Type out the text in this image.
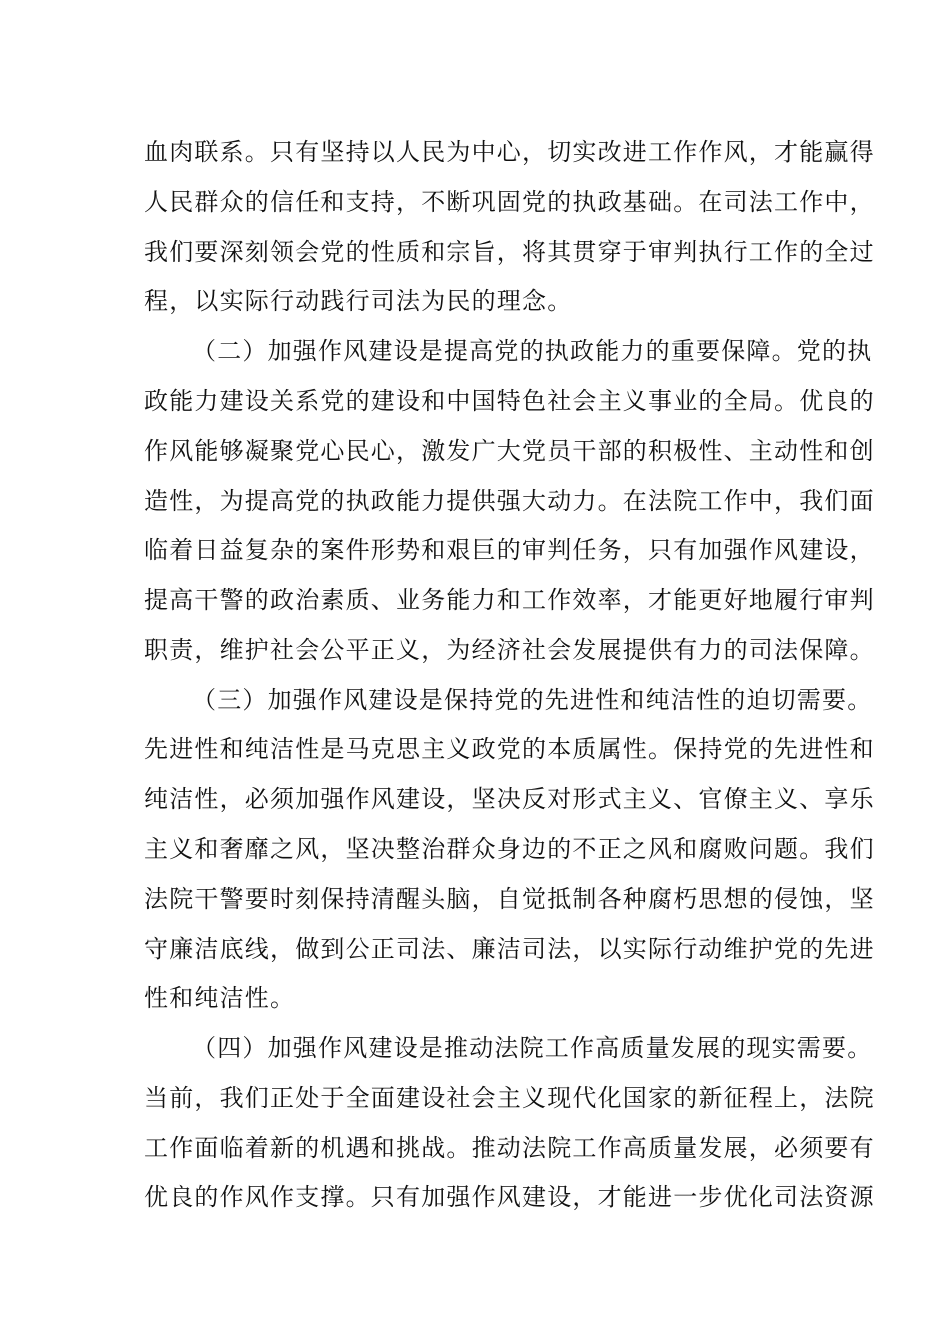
血肉联系。只有坚持以人民为中心，切实改进工作作风，才能赢得
人民群众的信任和支持，不断巩固党的执政基础。在司法工作中，
我们要深刻领会党的性质和宗旨，将其贯穿于审判执行工作的全过
程，以实际行动践行司法为民的理念。
（二）加强作风建设是提高党的执政能力的重要保障。党的执
政能力建设关系党的建设和中国特色社会主义事业的全局。优良的
作风能够凝聚党心民心，激发广大党员干部的积极性、主动性和创
造性，为提高党的执政能力提供强大动力。在法院工作中，我们面
临着日益复杂的案件形势和艰巨的审判任务，只有加强作风建设，
提高干警的政治素质、业务能力和工作效率，才能更好地履行审判
职责，维护社会公平正义，为经济社会发展提供有力的司法保障。
（三）加强作风建设是保持党的先进性和纯洁性的迫切需要。
先进性和纯洁性是马克思主义政党的本质属性。保持党的先进性和
纯洁性，必须加强作风建设，坚决反对形式主义、官僚主义、享乐
主义和奢靡之风，坚决整治群众身边的不正之风和腐败问题。我们
法院干警要时刻保持清醒头脑，自觉抵制各种腐朽思想的侵蚀，坚
守廉洁底线，做到公正司法、廉洁司法，以实际行动维护党的先进
性和纯洁性。
（四）加强作风建设是推动法院工作高质量发展的现实需要。
当前，我们正处于全面建设社会主义现代化国家的新征程上，法院
工作面临着新的机遇和挑战。推动法院工作高质量发展，必须要有
优良的作风作支撑。只有加强作风建设，才能进一步优化司法资源
